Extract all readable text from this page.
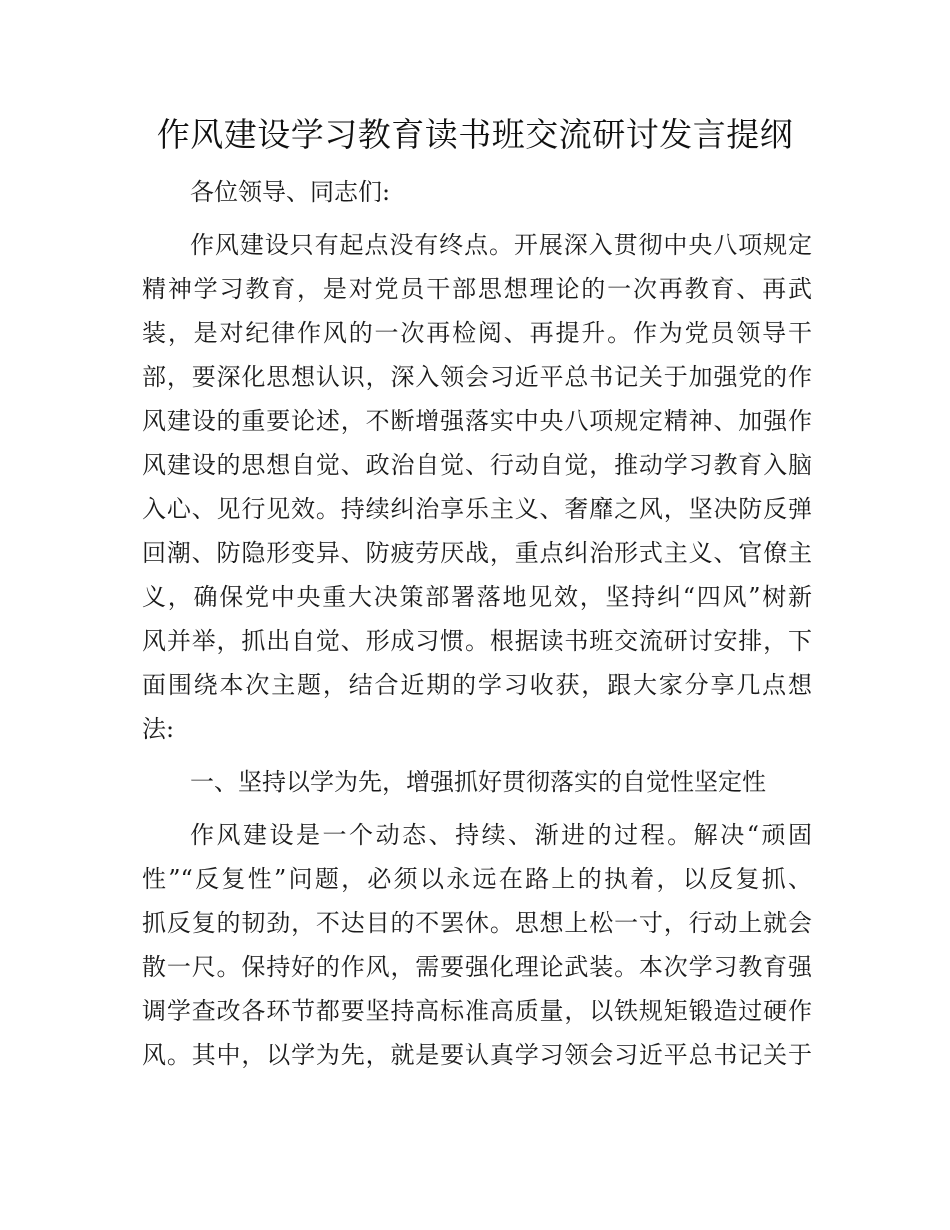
作风建设学习教育读书班交流研讨发言提纲
各位领导、同志们:
作风建设只有起点没有终点。开展深入贯彻中央八项规定
精神学习教育，是对党员干部思想理论的一次再教育、再武
装，是对纪律作风的一次再检阅、再提升。作为党员领导干
部，要深化思想认识，深入领会习近平总书记关于加强党的作
风建设的重要论述，不断增强落实中央八项规定精神、加强作
风建设的思想自觉、政治自觉、行动自觉，推动学习教育入脑
入心、见行见效。持续纠治享乐主义、奢靡之风，坚决防反弹
回潮、防隐形变异、防疲劳厌战，重点纠治形式主义、官僚主
义，确保党中央重大决策部署落地见效，坚持纠“四风”树新
风并举，抓出自觉、形成习惯。根据读书班交流研讨安排，下
面围绕本次主题，结合近期的学习收获，跟大家分享几点想
法:
一、坚持以学为先，增强抓好贯彻落实的自觉性坚定性
作风建设是一个动态、持续、渐进的过程。解决“顽固
性”“反复性”问题，必须以永远在路上的执着，以反复抓、
抓反复的韧劲，不达目的不罢休。思想上松一寸，行动上就会
散一尺。保持好的作风，需要强化理论武装。本次学习教育强
调学查改各环节都要坚持高标准高质量，以铁规矩锻造过硬作
风。其中，以学为先，就是要认真学习领会习近平总书记关于
